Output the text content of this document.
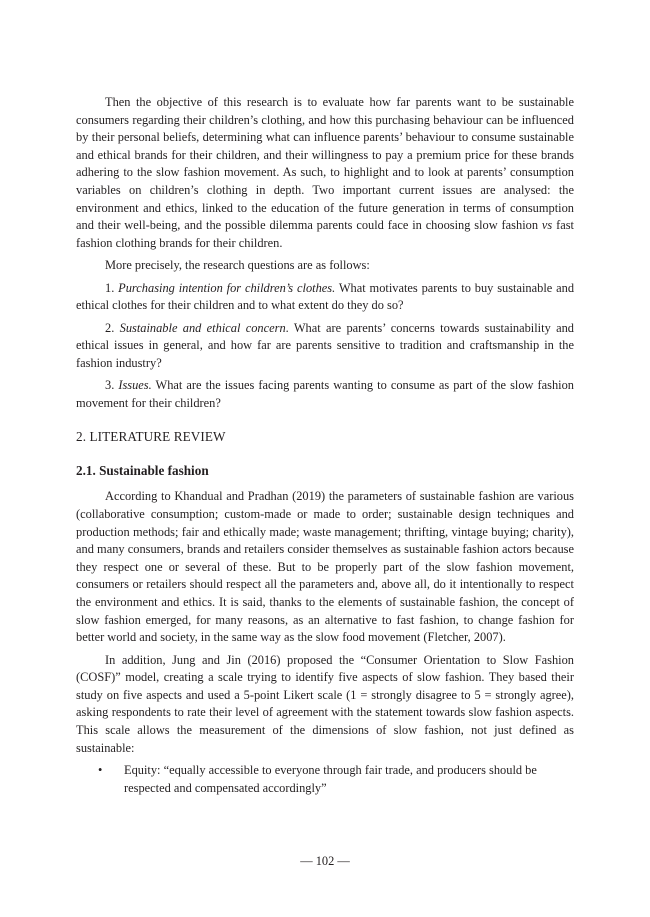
Then the objective of this research is to evaluate how far parents want to be sustainable consumers regarding their children’s clothing, and how this purchasing behaviour can be influenced by their personal beliefs, determining what can influence parents’ behaviour to consume sustainable and ethical brands for their children, and their willingness to pay a premium price for these brands adhering to the slow fashion movement. As such, to highlight and to look at parents’ consumption variables on children’s clothing in depth. Two important current issues are analysed: the environment and ethics, linked to the education of the future generation in terms of consumption and their well-being, and the possible dilemma parents could face in choosing slow fashion vs fast fashion clothing brands for their children.

More precisely, the research questions are as follows:

1. Purchasing intention for children’s clothes. What motivates parents to buy sustainable and ethical clothes for their children and to what extent do they do so?

2. Sustainable and ethical concern. What are parents’ concerns towards sustainability and ethical issues in general, and how far are parents sensitive to tradition and craftsmanship in the fashion industry?

3. Issues. What are the issues facing parents wanting to consume as part of the slow fashion movement for their children?

2. LITERATURE REVIEW
2.1. Sustainable fashion

According to Khandual and Pradhan (2019) the parameters of sustainable fashion are various (collaborative consumption; custom-made or made to order; sustainable design techniques and production methods; fair and ethically made; waste management; thrifting, vintage buying; charity), and many consumers, brands and retailers consider themselves as sustainable fashion actors because they respect one or several of these. But to be properly part of the slow fashion movement, consumers or retailers should respect all the parameters and, above all, do it intentionally to respect the environment and ethics. It is said, thanks to the elements of sustainable fashion, the concept of slow fashion emerged, for many reasons, as an alternative to fast fashion, to change fashion for better world and society, in the same way as the slow food movement (Fletcher, 2007).

In addition, Jung and Jin (2016) proposed the “Consumer Orientation to Slow Fashion (COSF)” model, creating a scale trying to identify five aspects of slow fashion. They based their study on five aspects and used a 5-point Likert scale (1 = strongly disagree to 5 = strongly agree), asking respondents to rate their level of agreement with the statement towards slow fashion aspects. This scale allows the measurement of the dimensions of slow fashion, not just defined as sustainable:

• Equity: “equally accessible to everyone through fair trade, and producers should be respected and compensated accordingly”
— 102 —
